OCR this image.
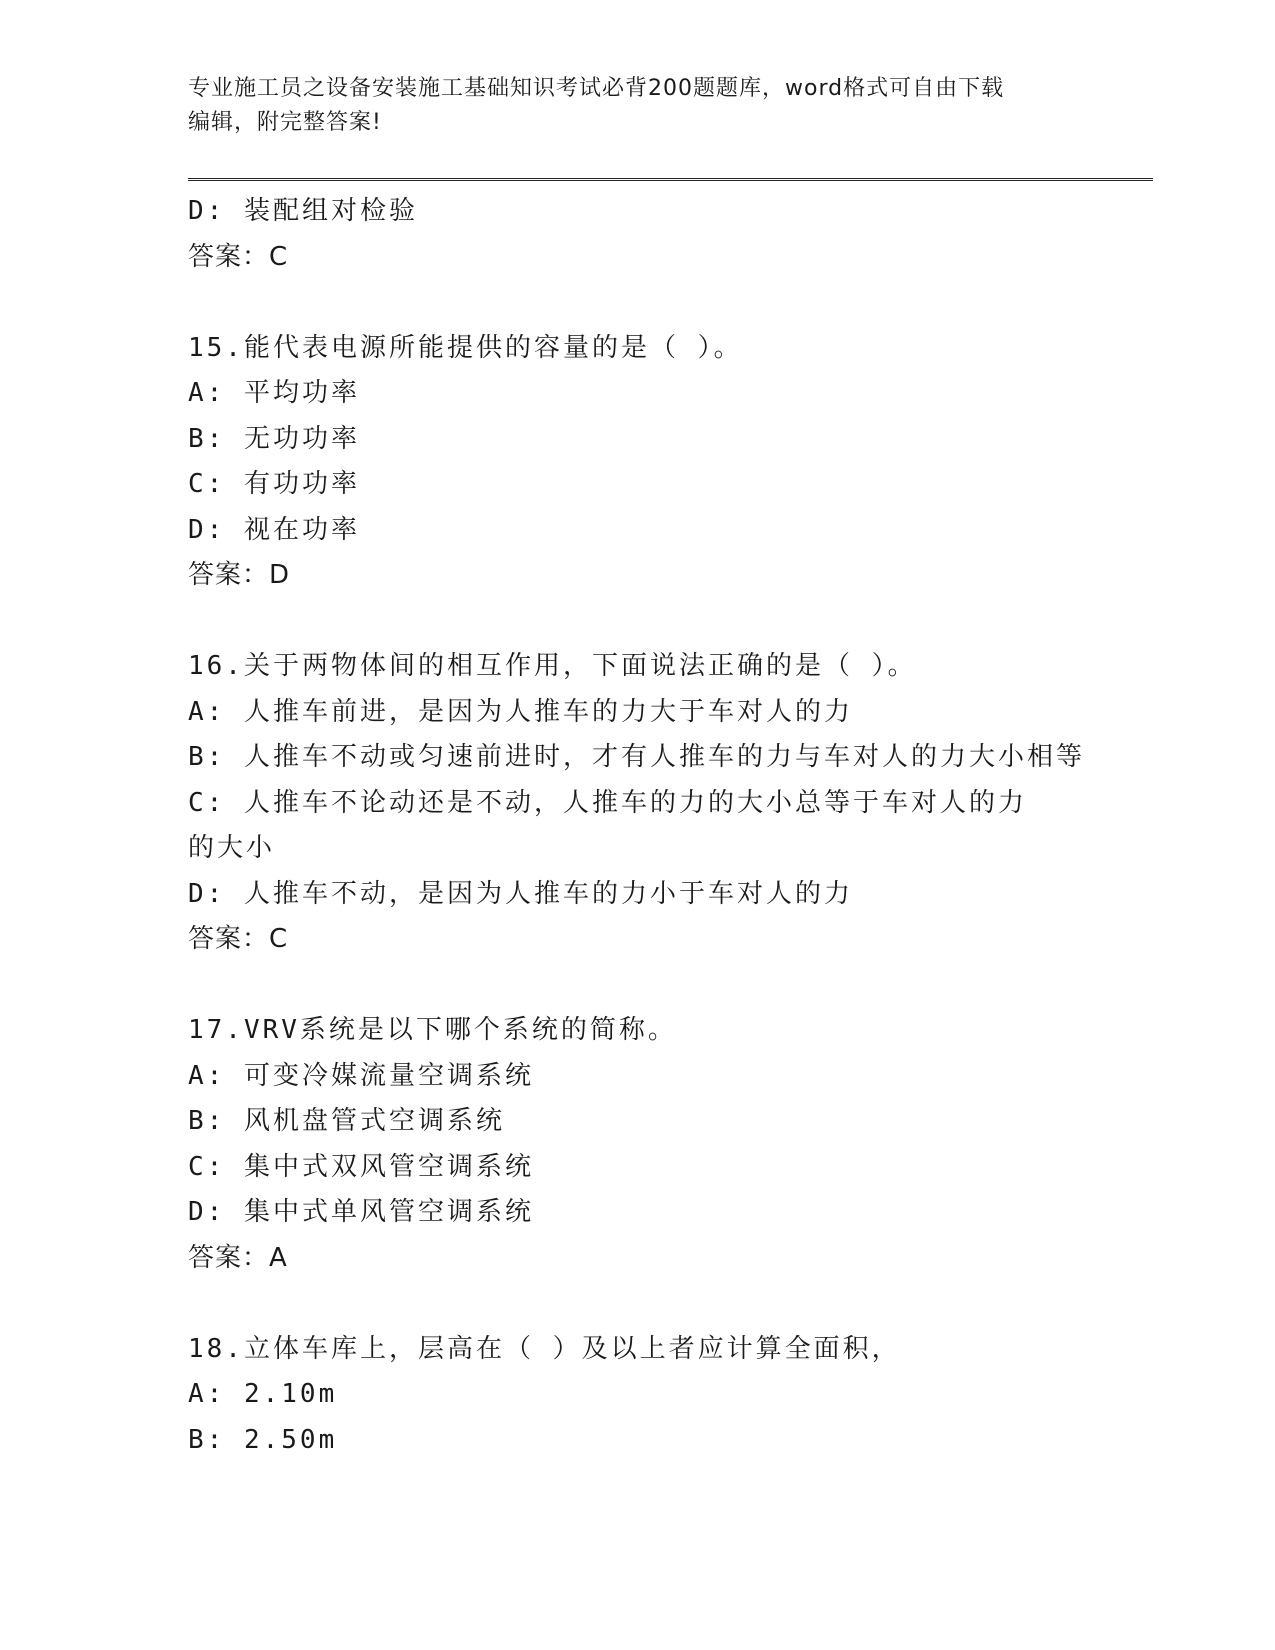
专业施工员之设备安装施工基础知识考试必背200题题库，word格式可自由下载
编辑，附完整答案!
D: 装配组对检验
答案：C
15.能代表电源所能提供的容量的是（ ）。
A: 平均功率
B: 无功功率
C: 有功功率
D: 视在功率
答案：D
16.关于两物体间的相互作用，下面说法正确的是（ ）。
A: 人推车前进，是因为人推车的力大于车对人的力
B: 人推车不动或匀速前进时，才有人推车的力与车对人的力大小相等
C: 人推车不论动还是不动，人推车的力的大小总等于车对人的力的大小
D: 人推车不动，是因为人推车的力小于车对人的力
答案：C
17.VRV系统是以下哪个系统的简称。
A: 可变冷媒流量空调系统
B: 风机盘管式空调系统
C: 集中式双风管空调系统
D: 集中式单风管空调系统
答案：A
18.立体车库上，层高在（ ）及以上者应计算全面积，
A: 2.10m
B: 2.50m
